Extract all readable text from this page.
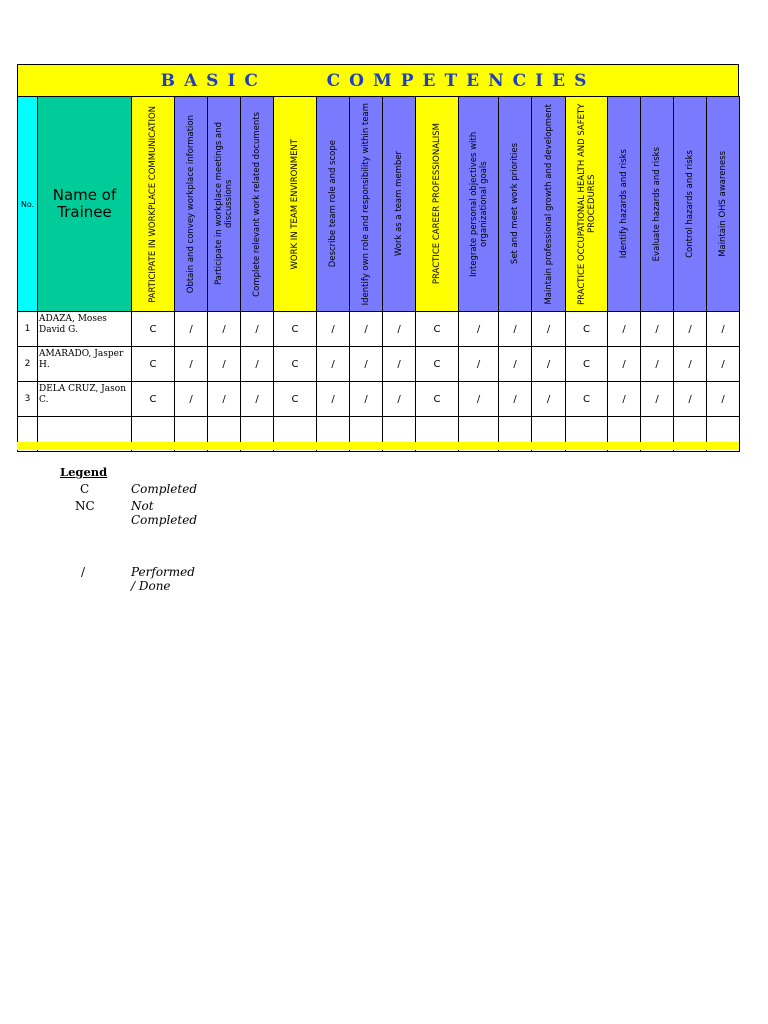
BASIC    COMPETENCIES
No.	Name of Trainee	PARTICIPATE IN WORKPLACE COMMUNICATION	Obtain and convey workplace information	Participate in workplace meetings and discussions	Complete relevant work related documents	WORK IN TEAM ENVIRONMENT	Describe team role and scope	Identify own role and responsibility within team	Work as a team member	PRACTICE CAREER PROFESSIONALISM	Integrate personal objectives with organizational goals	Set and meet work priorities	Maintain professional growth and development	PRACTICE OCCUPATIONAL HEALTH AND SAFETY PROCEDURES	Identify hazards and risks	Evaluate hazards and risks	Control hazards and risks	Maintain OHS awareness

1	ADAZA, Moses David G.	C	/	/	/	C	/	/	/	C	/	/	/	C	/	/	/	/
2	AMARADO, Jasper H.	C	/	/	/	C	/	/	/	C	/	/	/	C	/	/	/	/
3	DELA CRUZ, Jason C.	C	/	/	/	C	/	/	/	C	/	/	/	C	/	/	/	/

Legend
C	Completed
NC	Not Completed
/	Performed / Done
